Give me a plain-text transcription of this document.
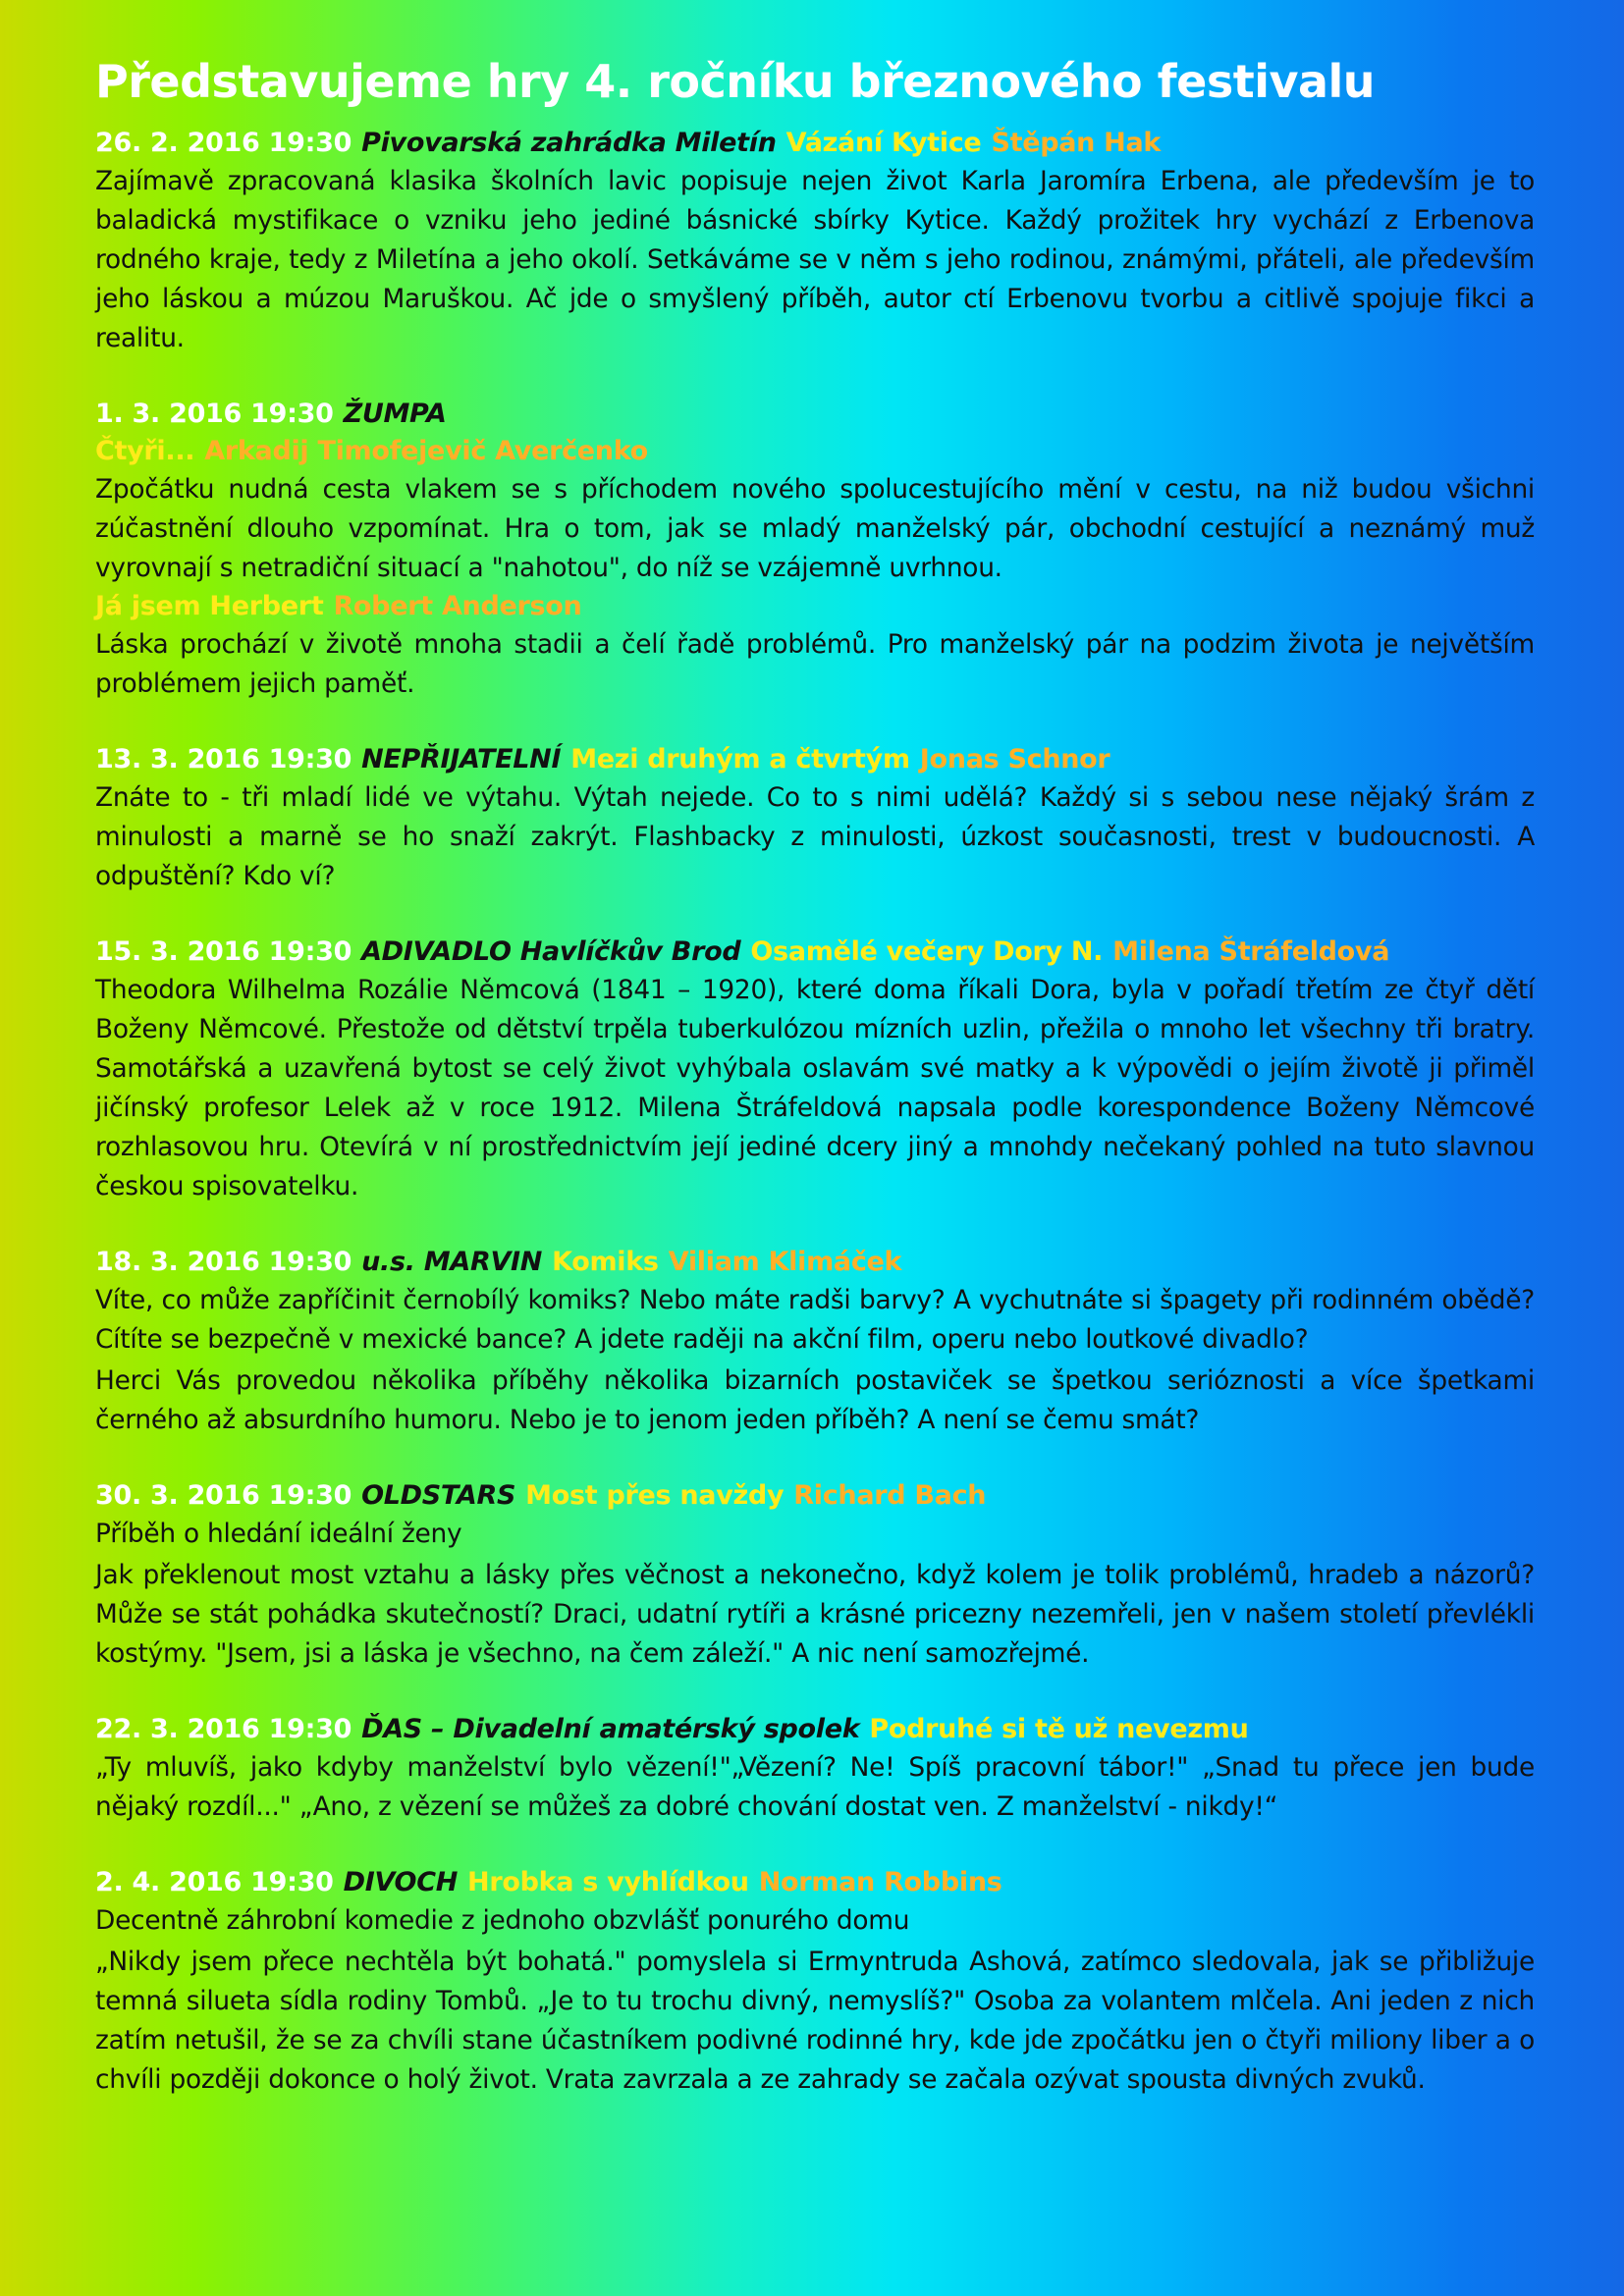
Představujeme hry 4. ročníku březnového festivalu
26. 2. 2016 19:30 Pivovarská zahrádka Miletín Vázání Kytice Štěpán Hak

Zajímavě zpracovaná klasika školních lavic popisuje nejen život Karla Jaromíra Erbena, ale především je to baladická mystifikace o vzniku jeho jediné básnické sbírky Kytice. Každý prožitek hry vychází z Erbenova rodného kraje, tedy z Miletína a jeho okolí. Setkáváme se v něm s jeho rodinou, známými, přáteli, ale především jeho láskou a múzou Maruškou. Ač jde o smyšlený příběh, autor ctí Erbenovu tvorbu a citlivě spojuje fikci a realitu.

1. 3. 2016 19:30 ŽUMPA
Čtyři... Arkadij Timofejevič Averčenko

Zpočátku nudná cesta vlakem se s příchodem nového spolucestujícího mění v cestu, na niž budou všichni zúčastnění dlouho vzpomínat. Hra o tom, jak se mladý manželský pár, obchodní cestující a neznámý muž vyrovnají s netradiční situací a "nahotou", do níž se vzájemně uvrhnou.

Já jsem Herbert Robert Anderson

Láska prochází v životě mnoha stadii a čelí řadě problémů. Pro manželský pár na podzim života je největším problémem jejich paměť.

13. 3. 2016 19:30 NEPŘIJATELNÍ Mezi druhým a čtvrtým Jonas Schnor

Znáte to - tři mladí lidé ve výtahu. Výtah nejede. Co to s nimi udělá? Každý si s sebou nese nějaký šrám z minulosti a marně se ho snaží zakrýt. Flashbacky z minulosti, úzkost současnosti, trest v budoucnosti. A odpuštění? Kdo ví?

15. 3. 2016 19:30 ADIVADLO Havlíčkův Brod Osamělé večery Dory N. Milena Štráfeldová

Theodora Wilhelma Rozálie Němcová (1841 – 1920), které doma říkali Dora, byla v pořadí třetím ze čtyř dětí Boženy Němcové. Přestože od dětství trpěla tuberkulózou mízních uzlin, přežila o mnoho let všechny tři bratry. Samotářská a uzavřená bytost se celý život vyhýbala oslavám své matky a k výpovědi o jejím životě ji přiměl jičínský profesor Lelek až v roce 1912. Milena Štráfeldová napsala podle korespondence Boženy Němcové rozhlasovou hru. Otevírá v ní prostřednictvím její jediné dcery jiný a mnohdy nečekaný pohled na tuto slavnou českou spisovatelku.

18. 3. 2016 19:30 u.s. MARVIN Komiks Viliam Klimáček

Víte, co může zapříčinit černobílý komiks? Nebo máte radši barvy? A vychutnáte si špagety při rodinném obědě? Cítíte se bezpečně v mexické bance? A jdete raději na akční film, operu nebo loutkové divadlo?

Herci Vás provedou několika příběhy několika bizarních postaviček se špetkou serióznosti a více špetkami černého až absurdního humoru. Nebo je to jenom jeden příběh? A není se čemu smát?

30. 3. 2016 19:30 OLDSTARS Most přes navždy Richard Bach

Příběh o hledání ideální ženy

Jak překlenout most vztahu a lásky přes věčnost a nekonečno, když kolem je tolik problémů, hradeb a názorů? Může se stát pohádka skutečností? Draci, udatní rytíři a krásné pricezny nezemřeli, jen v našem století převlékli kostýmy. "Jsem, jsi a láska je všechno, na čem záleží." A nic není samozřejmé.

22. 3. 2016 19:30 ĎAS – Divadelní amatérský spolek Podruhé si tě už nevezmu

„Ty mluvíš, jako kdyby manželství bylo vězení!"„Vězení? Ne! Spíš pracovní tábor!" „Snad tu přece jen bude nějaký rozdíl..." „Ano, z vězení se můžeš za dobré chování dostat ven. Z manželství - nikdy!“

2. 4. 2016 19:30 DIVOCH Hrobka s vyhlídkou Norman Robbins

Decentně záhrobní komedie z jednoho obzvlášť ponurého domu

„Nikdy jsem přece nechtěla být bohatá." pomyslela si Ermyntruda Ashová, zatímco sledovala, jak se přibližuje temná silueta sídla rodiny Tombů. „Je to tu trochu divný, nemyslíš?" Osoba za volantem mlčela. Ani jeden z nich zatím netušil, že se za chvíli stane účastníkem podivné rodinné hry, kde jde zpočátku jen o čtyři miliony liber a o chvíli později dokonce o holý život. Vrata zavrzala a ze zahrady se začala ozývat spousta divných zvuků.
